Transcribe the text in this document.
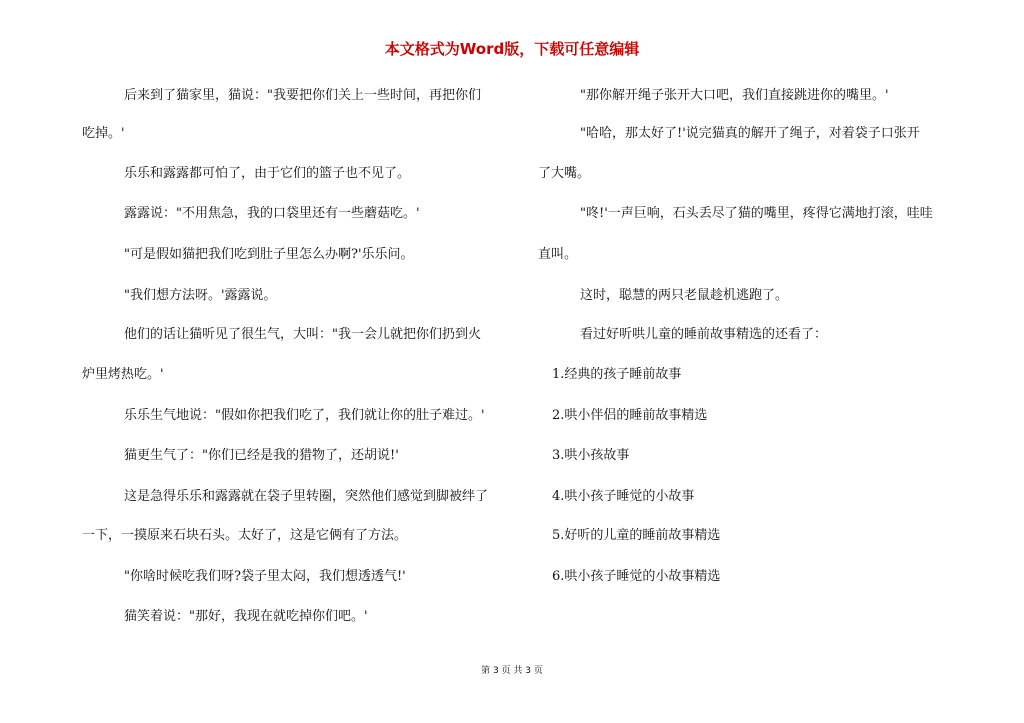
本文格式为Word版，下载可任意编辑
后来到了猫家里，猫说："我要把你们关上一些时间，再把你们
吃掉。'
乐乐和露露都可怕了，由于它们的篮子也不见了。
露露说："不用焦急，我的口袋里还有一些蘑菇吃。'
"可是假如猫把我们吃到肚子里怎么办啊?'乐乐问。
"我们想方法呀。'露露说。
他们的话让猫听见了很生气，大叫："我一会儿就把你们扔到火
炉里烤热吃。'
乐乐生气地说："假如你把我们吃了，我们就让你的肚子难过。'
猫更生气了："你们已经是我的猎物了，还胡说!'
这是急得乐乐和露露就在袋子里转圈，突然他们感觉到脚被绊了
一下，一摸原来石块石头。太好了，这是它俩有了方法。
"你啥时候吃我们呀?袋子里太闷，我们想透透气!'
猫笑着说："那好，我现在就吃掉你们吧。'
"那你解开绳子张开大口吧，我们直接跳进你的嘴里。'
"哈哈，那太好了!'说完猫真的解开了绳子，对着袋子口张开
了大嘴。
"咚!'一声巨响，石头丢尽了猫的嘴里，疼得它满地打滚，哇哇
直叫。
这时，聪慧的两只老鼠趁机逃跑了。
看过好听哄儿童的睡前故事精选的还看了：
1.经典的孩子睡前故事
2.哄小伴侣的睡前故事精选
3.哄小孩故事
4.哄小孩子睡觉的小故事
5.好听的儿童的睡前故事精选
6.哄小孩子睡觉的小故事精选
第 3 页 共 3 页
